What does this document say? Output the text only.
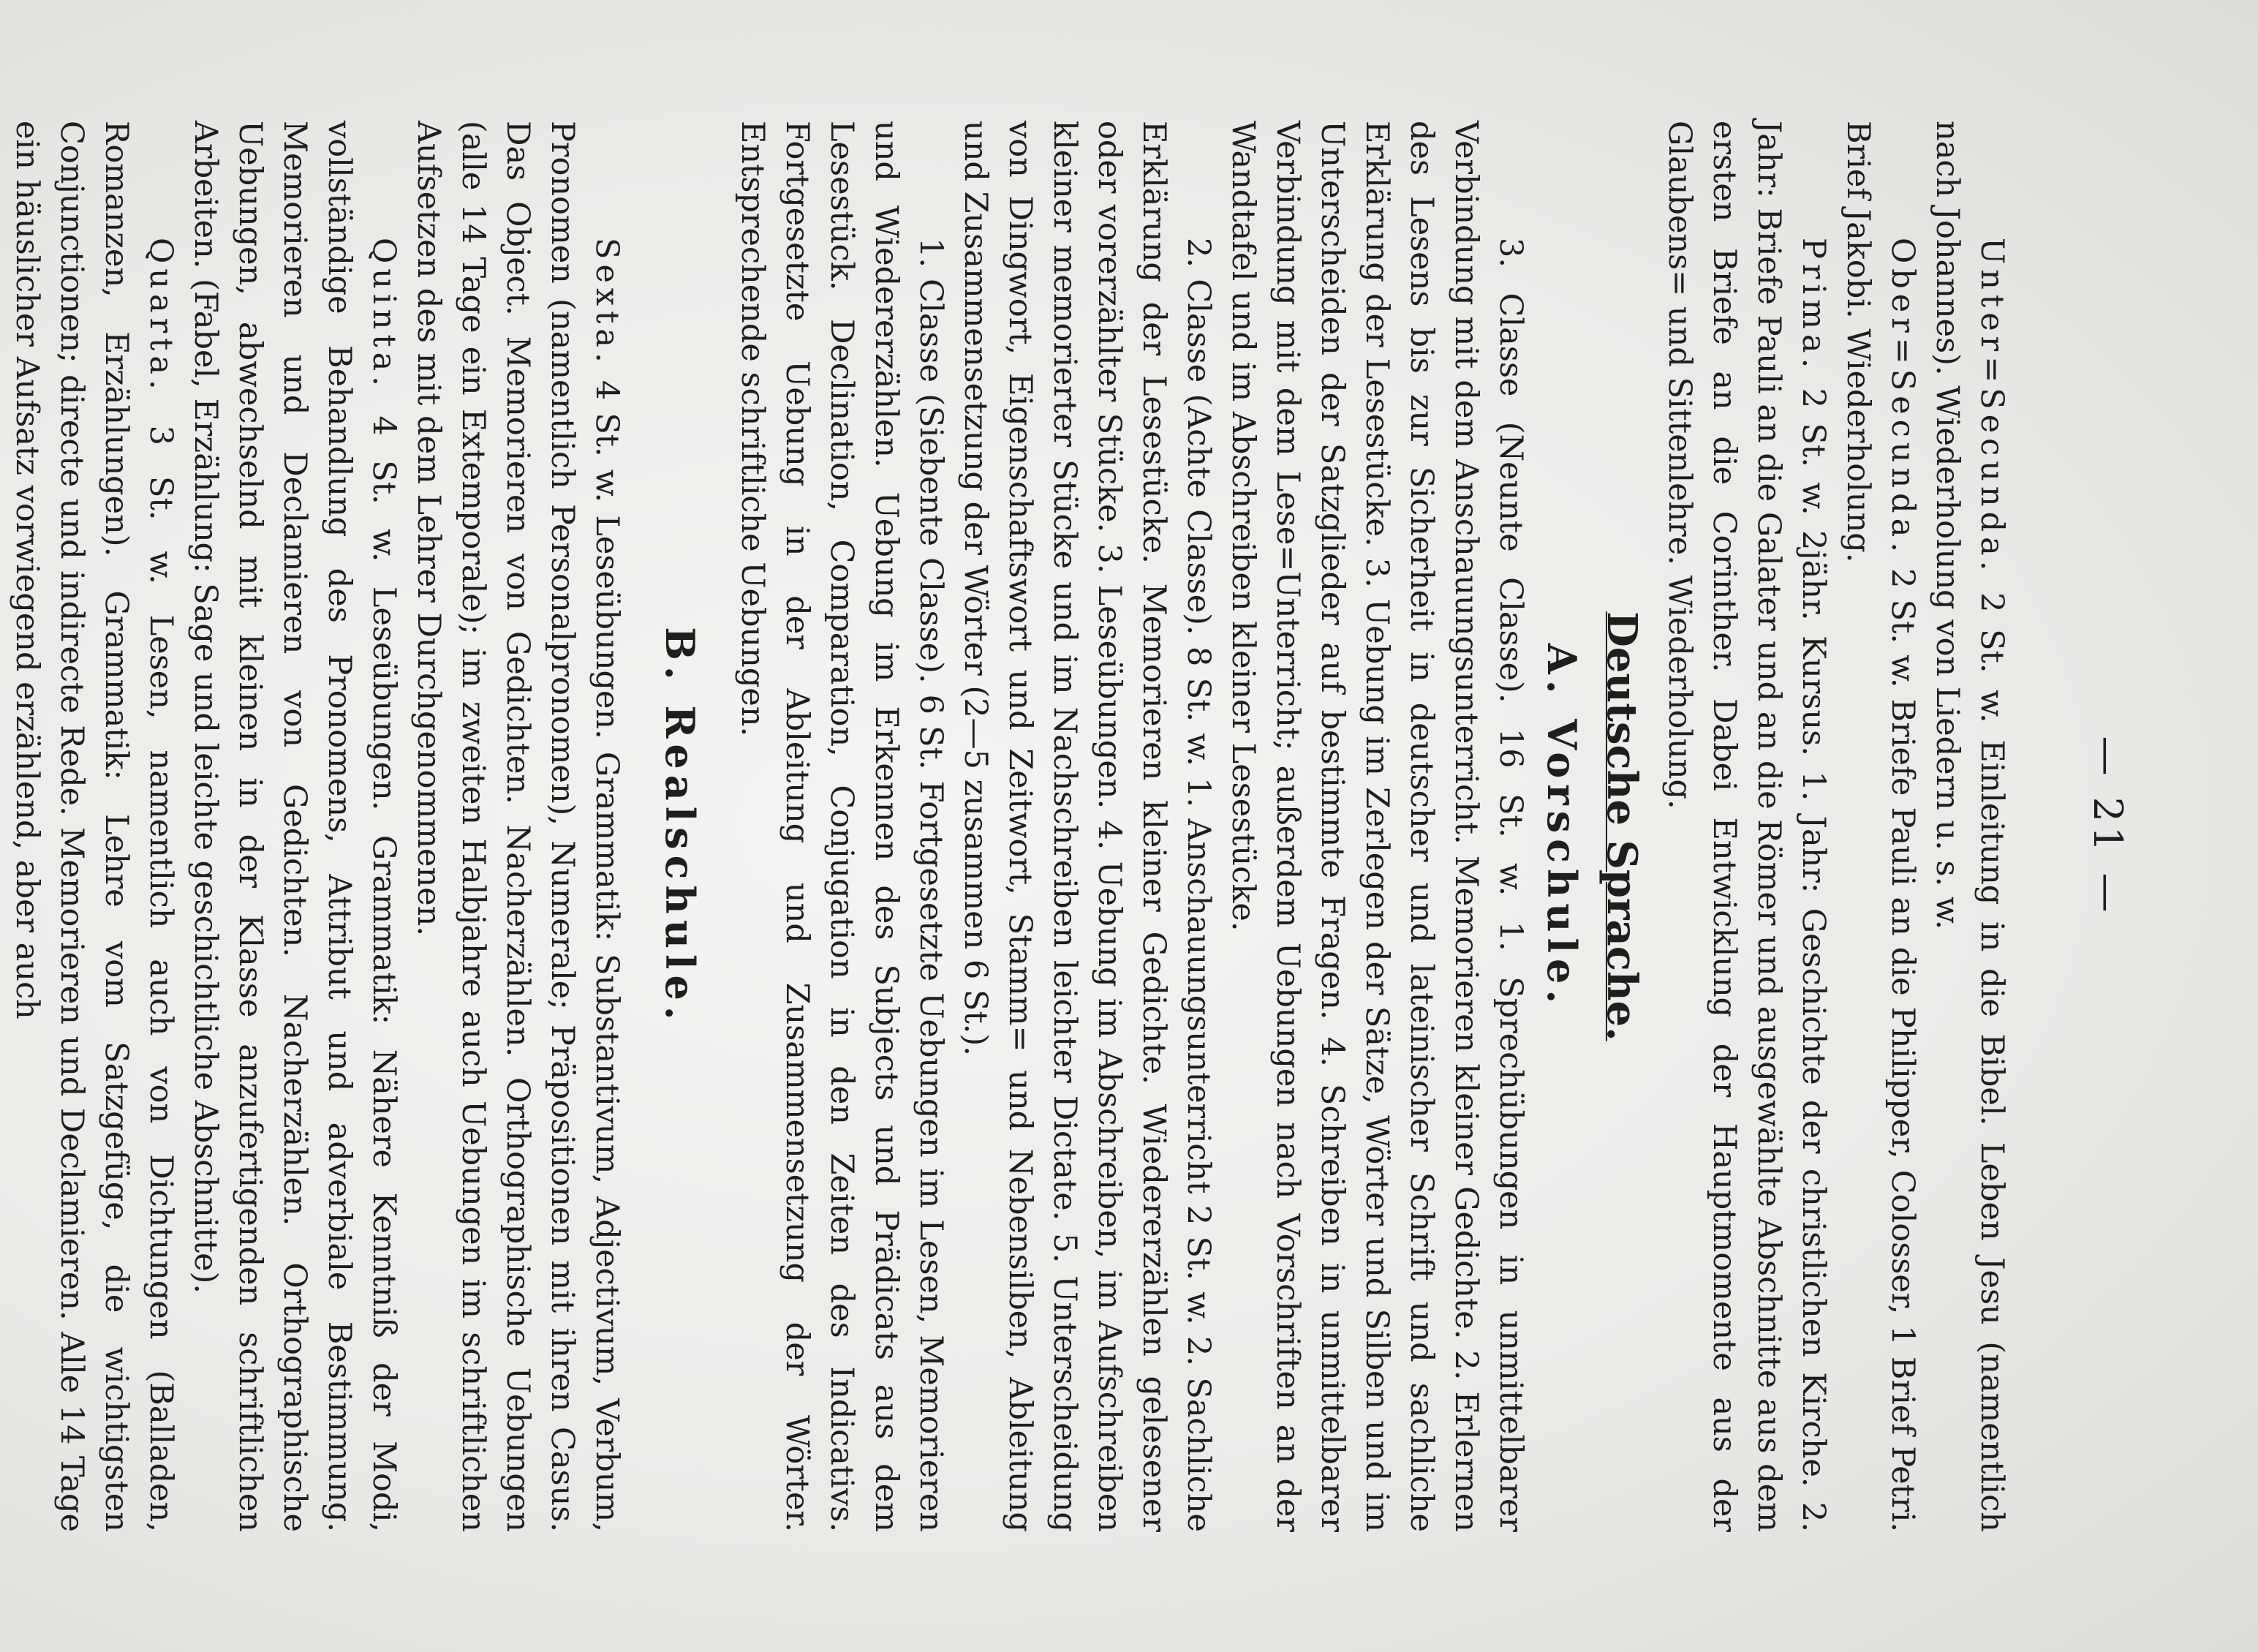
— 21 —

Unter=Secunda. 2 St. w. Einleitung in die Bibel. Leben Jesu (namentlich nach Johannes). Wiederholung von Liedern u. s. w.

Ober=Secunda. 2 St. w. Briefe Pauli an die Philipper, Colosser, 1 Brief Petri. Brief Jakobi. Wiederholung.

Prima. 2 St. w. 2jähr. Kursus. 1. Jahr: Geschichte der christlichen Kirche. 2. Jahr: Briefe Pauli an die Galater und an die Römer und ausgewählte Abschnitte aus dem ersten Briefe an die Corinther. Dabei Entwicklung der Hauptmomente aus der Glaubens= und Sittenlehre. Wiederholung.

Deutsche Sprache.
A. Vorschule.

3. Classe (Neunte Classe). 16 St. w. 1. Sprechübungen in unmittelbarer Verbindung mit dem Anschauungsunterricht. Memorieren kleiner Gedichte. 2. Erlernen des Lesens bis zur Sicherheit in deutscher und lateinischer Schrift und sachliche Erklärung der Lesestücke. 3. Uebung im Zerlegen der Sätze, Wörter und Silben und im Unterscheiden der Satzglieder auf bestimmte Fragen. 4. Schreiben in unmittelbarer Verbindung mit dem Lese=Unterricht; außerdem Uebungen nach Vorschriften an der Wandtafel und im Abschreiben kleiner Lesestücke.

2. Classe (Achte Classe). 8 St. w. 1. Anschauungsunterricht 2 St. w. 2. Sachliche Erklärung der Lesestücke. Memorieren kleiner Gedichte. Wiedererzählen gelesener oder vorerzählter Stücke. 3. Leseübungen. 4. Uebung im Abschreiben, im Aufschreiben kleiner memorierter Stücke und im Nachschreiben leichter Dictate. 5. Unterscheidung von Dingwort, Eigenschaftswort und Zeitwort, Stamm= und Nebensilben, Ableitung und Zusammensetzung der Wörter (2—5 zusammen 6 St.).

1. Classe (Siebente Classe). 6 St. Fortgesetzte Uebungen im Lesen, Memorieren und Wiedererzählen. Uebung im Erkennen des Subjects und Prädicats aus dem Lesestück. Declination, Comparation, Conjugation in den Zeiten des Indicativs. Fortgesetzte Uebung in der Ableitung und Zusammensetzung der Wörter. Entsprechende schriftliche Uebungen.

B. Realschule.

Sexta. 4 St. w. Leseübungen. Grammatik: Substantivum, Adjectivum, Verbum, Pronomen (namentlich Personalpronomen), Numerale; Präpositionen mit ihren Casus. Das Object. Memorieren von Gedichten. Nacherzählen. Orthographische Uebungen (alle 14 Tage ein Extemporale); im zweiten Halbjahre auch Uebungen im schriftlichen Aufsetzen des mit dem Lehrer Durchgenommenen.

Quinta. 4 St. w. Leseübungen. Grammatik: Nähere Kenntniß der Modi, vollständige Behandlung des Pronomens, Attribut und adverbiale Bestimmung. Memorieren und Declamieren von Gedichten. Nacherzählen. Orthographische Uebungen, abwechselnd mit kleinen in der Klasse anzufertigenden schriftlichen Arbeiten. (Fabel, Erzählung: Sage und leichte geschichtliche Abschnitte).

Quarta. 3 St. w. Lesen, namentlich auch von Dichtungen (Balladen, Romanzen, Erzählungen). Grammatik: Lehre vom Satzgefüge, die wichtigsten Conjunctionen; directe und indirecte Rede. Memorieren und Declamieren. Alle 14 Tage ein häuslicher Aufsatz vorwiegend erzählend, aber auch
